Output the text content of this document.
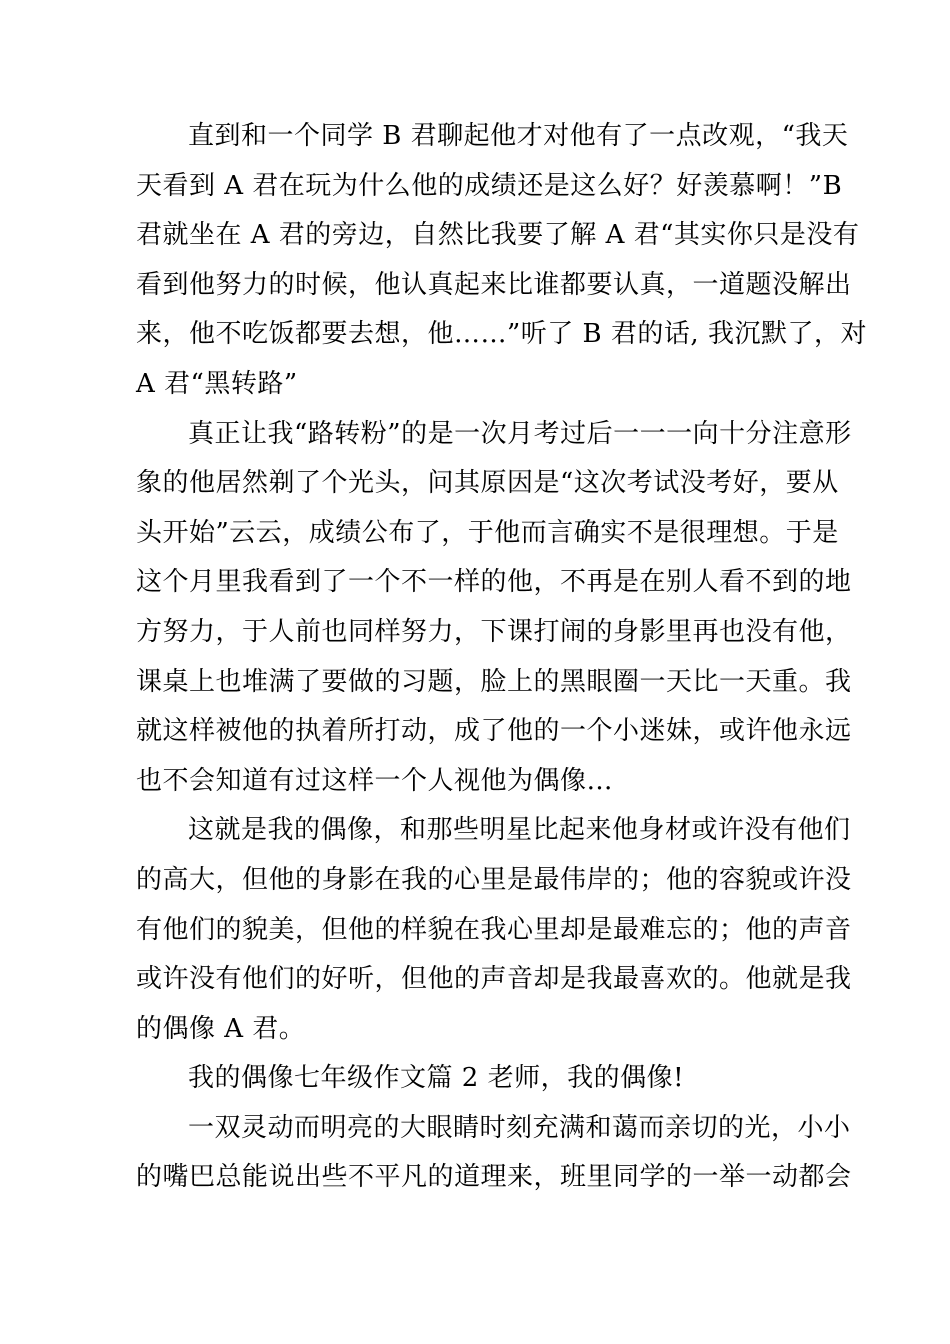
直到和一个同学 B 君聊起他才对他有了一点改观，“我天
天看到 A 君在玩为什么他的成绩还是这么好？好羡慕啊！”B
君就坐在 A 君的旁边，自然比我要了解 A 君“其实你只是没有
看到他努力的时候，他认真起来比谁都要认真，一道题没解出
来，他不吃饭都要去想，他……”听了 B 君的话, 我沉默了，对
A 君“黑转路”
真正让我“路转粉”的是一次月考过后一一一向十分注意形
象的他居然剃了个光头，问其原因是“这次考试没考好，要从
头开始”云云，成绩公布了，于他而言确实不是很理想。于是
这个月里我看到了一个不一样的他，不再是在别人看不到的地
方努力，于人前也同样努力，下课打闹的身影里再也没有他，
课桌上也堆满了要做的习题，脸上的黑眼圈一天比一天重。我
就这样被他的执着所打动，成了他的一个小迷妹，或许他永远
也不会知道有过这样一个人视他为偶像…
这就是我的偶像，和那些明星比起来他身材或许没有他们
的高大，但他的身影在我的心里是最伟岸的；他的容貌或许没
有他们的貌美，但他的样貌在我心里却是最难忘的；他的声音
或许没有他们的好听，但他的声音却是我最喜欢的。他就是我
的偶像 A 君。
我的偶像七年级作文篇 2 老师，我的偶像!
一双灵动而明亮的大眼睛时刻充满和蔼而亲切的光，小小
的嘴巴总能说出些不平凡的道理来，班里同学的一举一动都会
